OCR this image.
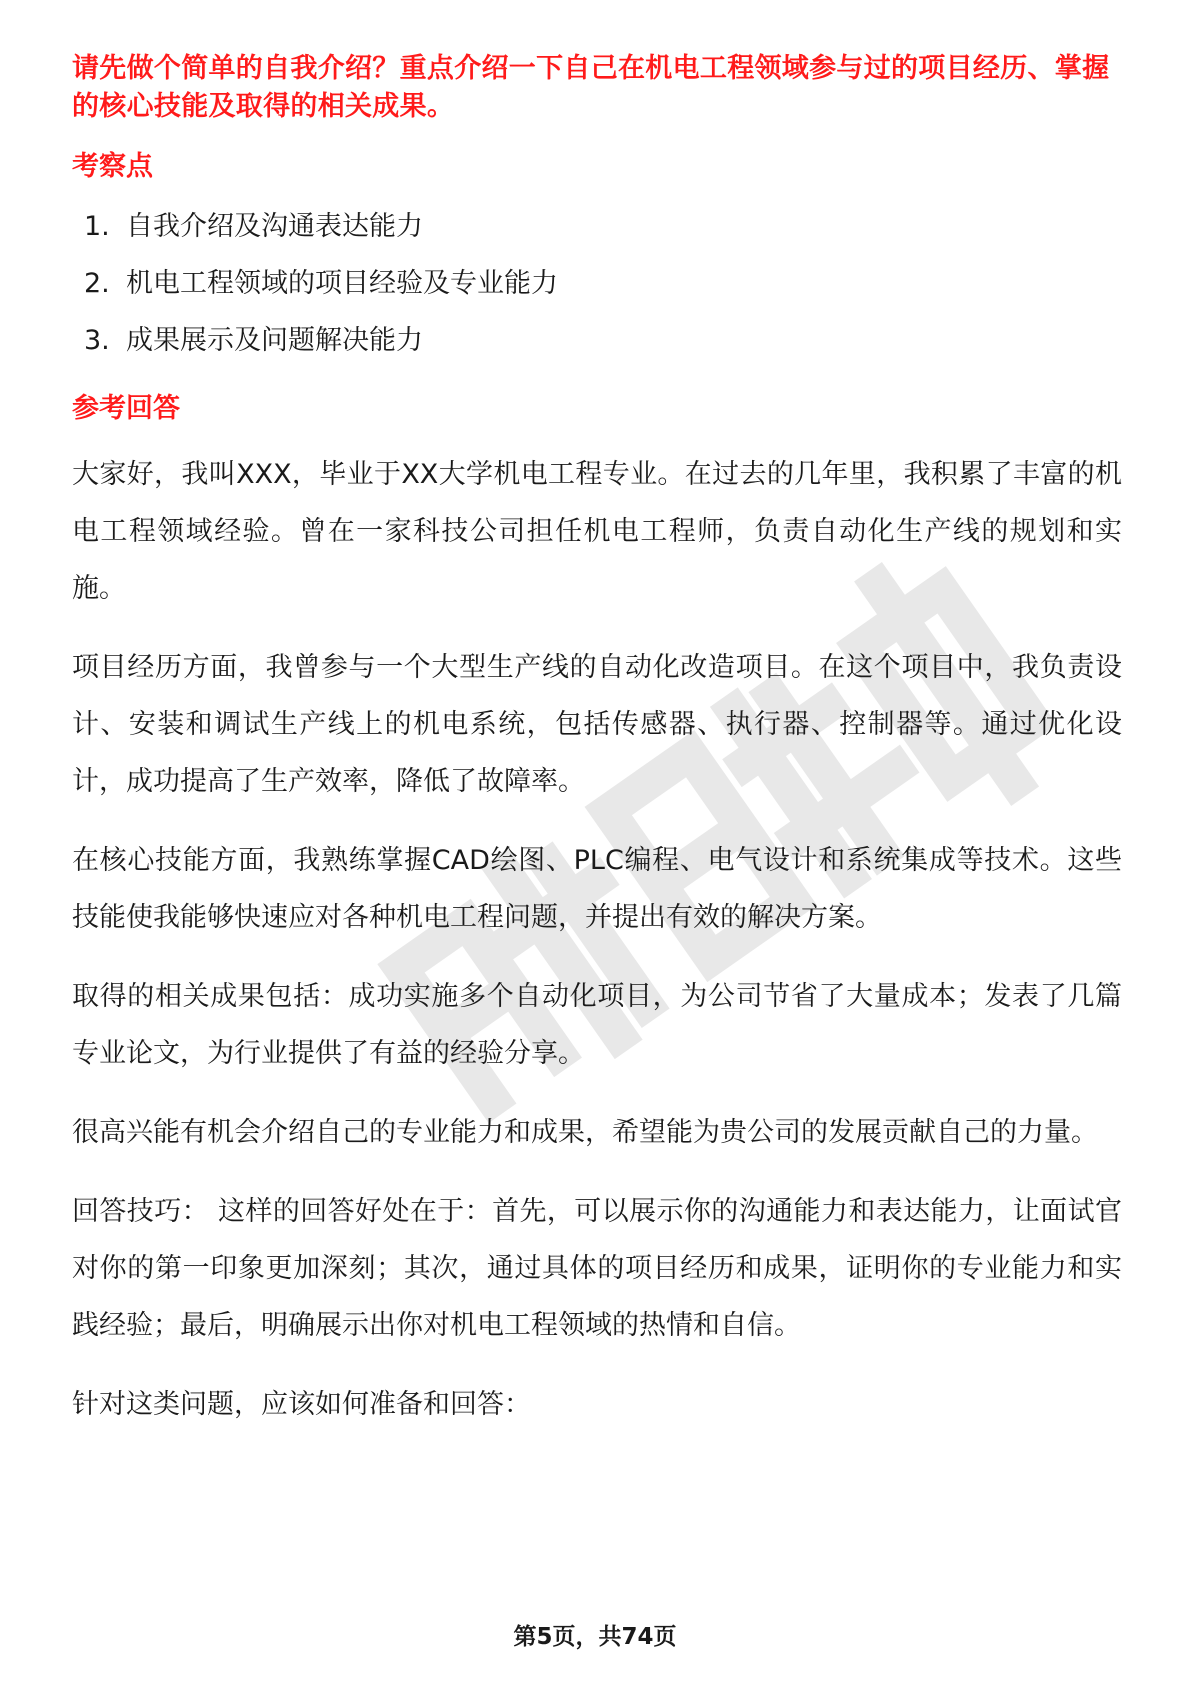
请先做个简单的自我介绍？重点介绍一下自己在机电工程领域参与过的项目经历、掌握的核心技能及取得的相关成果。

考察点

1. 自我介绍及沟通表达能力
2. 机电工程领域的项目经验及专业能力
3. 成果展示及问题解决能力

参考回答

大家好，我叫XXX，毕业于XX大学机电工程专业。在过去的几年里，我积累了丰富的机电工程领域经验。曾在一家科技公司担任机电工程师，负责自动化生产线的规划和实施。

项目经历方面，我曾参与一个大型生产线的自动化改造项目。在这个项目中，我负责设计、安装和调试生产线上的机电系统，包括传感器、执行器、控制器等。通过优化设计，成功提高了生产效率，降低了故障率。

在核心技能方面，我熟练掌握CAD绘图、PLC编程、电气设计和系统集成等技术。这些技能使我能够快速应对各种机电工程问题，并提出有效的解决方案。

取得的相关成果包括：成功实施多个自动化项目，为公司节省了大量成本；发表了几篇专业论文，为行业提供了有益的经验分享。

很高兴能有机会介绍自己的专业能力和成果，希望能为贵公司的发展贡献自己的力量。

回答技巧： 这样的回答好处在于：首先，可以展示你的沟通能力和表达能力，让面试官对你的第一印象更加深刻；其次，通过具体的项目经历和成果，证明你的专业能力和实践经验；最后，明确展示出你对机电工程领域的热情和自信。

针对这类问题，应该如何准备和回答：

第5页，共74页
